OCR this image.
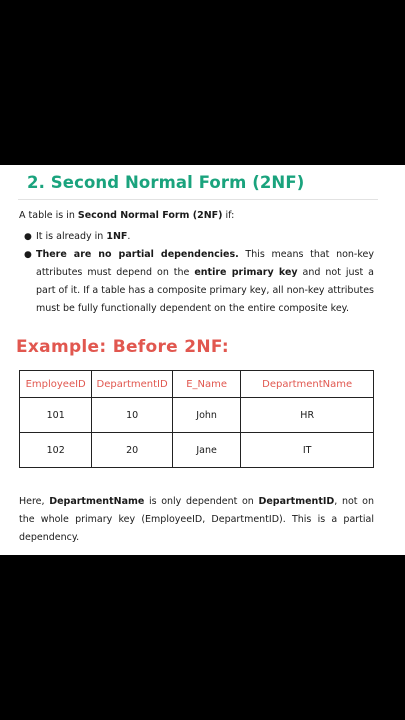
2. Second Normal Form (2NF)
A table is in Second Normal Form (2NF) if:
● It is already in 1NF.
● There are no partial dependencies. This means that non-key attributes must depend on the entire primary key and not just a part of it. If a table has a composite primary key, all non-key attributes must be fully functionally dependent on the entire composite key.
Example: Before 2NF:
EmployeeID	DepartmentID	E_Name	DepartmentName
101	10	John	HR
102	20	Jane	IT
Here, DepartmentName is only dependent on DepartmentID, not on the whole primary key (EmployeeID, DepartmentID). This is a partial dependency.
